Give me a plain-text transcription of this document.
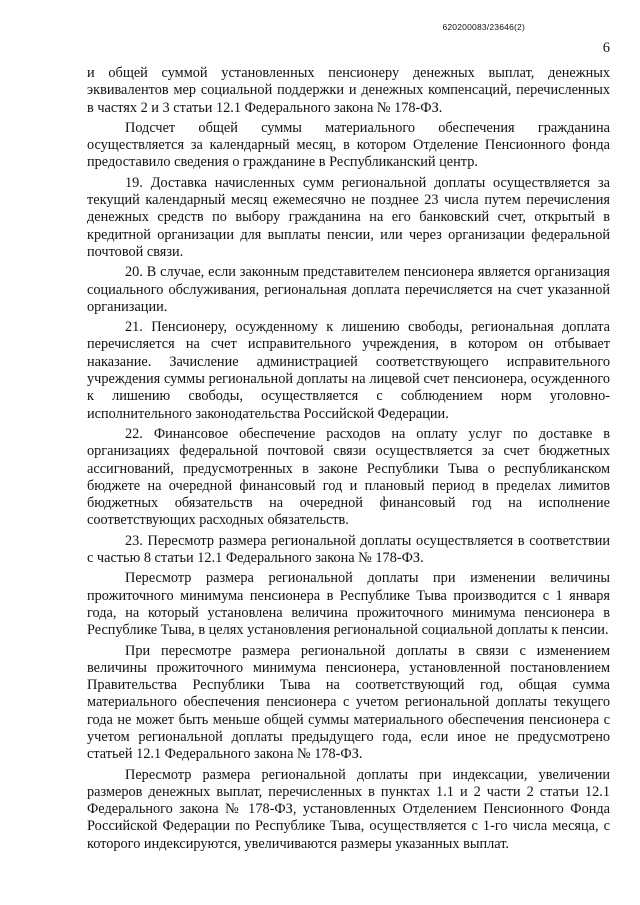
620200083/23646(2)
6

и общей суммой установленных пенсионеру денежных выплат, денежных эквивалентов мер социальной поддержки и денежных компенсаций, перечисленных в частях 2 и 3 статьи 12.1 Федерального закона № 178-ФЗ.

Подсчет общей суммы материального обеспечения гражданина осуществляется за календарный месяц, в котором Отделение Пенсионного фонда предоставило сведения о гражданине в Республиканский центр.

19. Доставка начисленных сумм региональной доплаты осуществляется за текущий календарный месяц ежемесячно не позднее 23 числа путем перечисления денежных средств по выбору гражданина на его банковский счет, открытый в кредитной организации для выплаты пенсии, или через организации федеральной почтовой связи.

20. В случае, если законным представителем пенсионера является организация социального обслуживания, региональная доплата перечисляется на счет указанной организации.

21. Пенсионеру, осужденному к лишению свободы, региональная доплата перечисляется на счет исправительного учреждения, в котором он отбывает наказание. Зачисление администрацией соответствующего исправительного учреждения суммы региональной доплаты на лицевой счет пенсионера, осужденного к лишению свободы, осуществляется с соблюдением норм уголовно-исполнительного законодательства Российской Федерации.

22. Финансовое обеспечение расходов на оплату услуг по доставке в организациях федеральной почтовой связи осуществляется за счет бюджетных ассигнований, предусмотренных в законе Республики Тыва о республиканском бюджете на очередной финансовый год и плановый период в пределах лимитов бюджетных обязательств на очередной финансовый год на исполнение соответствующих расходных обязательств.

23. Пересмотр размера региональной доплаты осуществляется в соответствии с частью 8 статьи 12.1 Федерального закона № 178-ФЗ.

Пересмотр размера региональной доплаты при изменении величины прожиточного минимума пенсионера в Республике Тыва производится с 1 января года, на который установлена величина прожиточного минимума пенсионера в Республике Тыва, в целях установления региональной социальной доплаты к пенсии.

При пересмотре размера региональной доплаты в связи с изменением величины прожиточного минимума пенсионера, установленной постановлением Правительства Республики Тыва на соответствующий год, общая сумма материального обеспечения пенсионера с учетом региональной доплаты текущего года не может быть меньше общей суммы материального обеспечения пенсионера с учетом региональной доплаты предыдущего года, если иное не предусмотрено статьей 12.1 Федерального закона № 178-ФЗ.

Пересмотр размера региональной доплаты при индексации, увеличении размеров денежных выплат, перечисленных в пунктах 1.1 и 2 части 2 статьи 12.1 Федерального закона № 178-ФЗ, установленных Отделением Пенсионного Фонда Российской Федерации по Республике Тыва, осуществляется с 1-го числа месяца, с которого индексируются, увеличиваются размеры указанных выплат.
